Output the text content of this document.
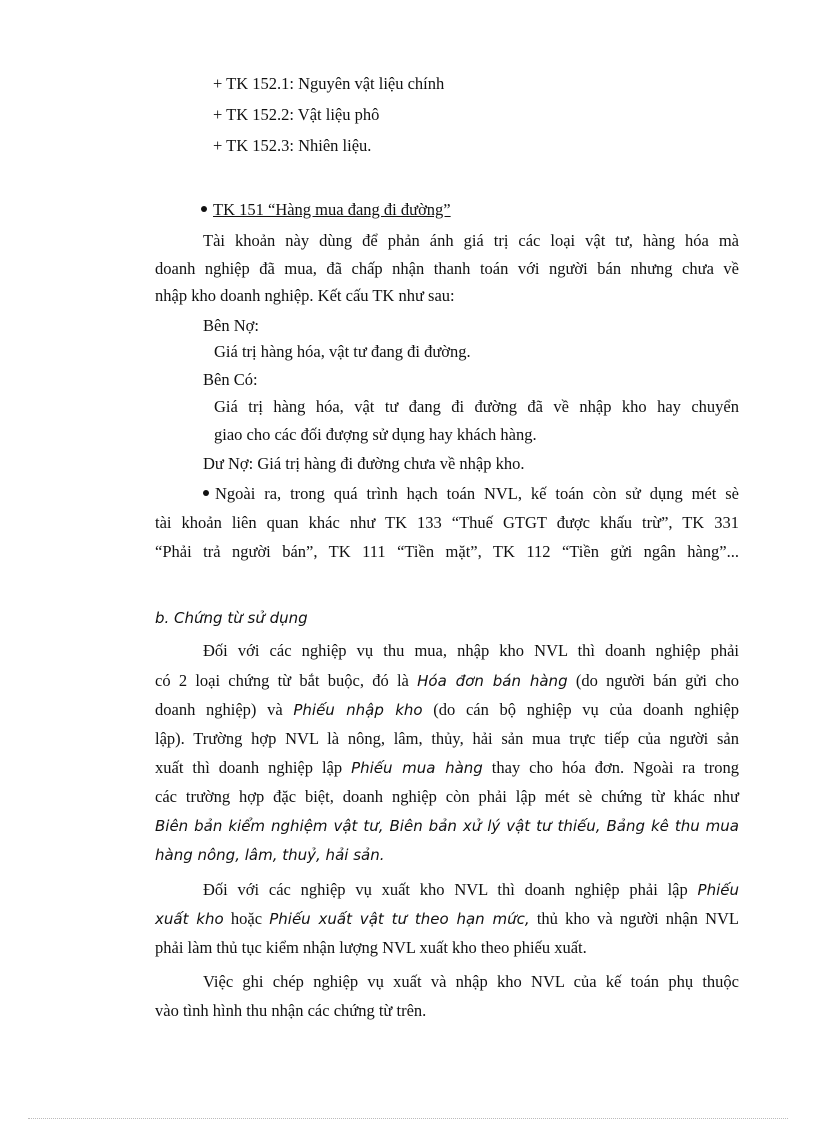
+ TK 152.1: Nguyên vật liệu chính
+ TK 152.2: Vật liệu phô
+ TK 152.3: Nhiên liệu.
TK 151 “Hàng mua đang đi đường”
Tài khoản này dùng để phản ánh giá trị các loại vật tư, hàng hóa mà
doanh nghiệp đã mua, đã chấp nhận thanh toán với người bán nhưng chưa về
nhập kho doanh nghiệp. Kết cấu TK như sau:
Bên Nợ:
Giá trị hàng hóa, vật tư đang đi đường.
Bên Có:
Giá trị hàng hóa, vật tư đang đi đường đã về nhập kho hay chuyển
giao cho các đối đượng sử dụng hay khách hàng.
Dư Nợ: Giá trị hàng đi đường chưa về nhập kho.
Ngoài ra, trong quá trình hạch toán NVL, kế toán còn sử dụng mét sè
tài khoản liên quan khác như TK 133 “Thuế GTGT được khấu trừ”, TK 331
“Phải trả người bán”, TK 111 “Tiền mặt”, TK 112 “Tiền gửi ngân hàng”...
b. Chứng từ sử dụng
Đối với các nghiệp vụ thu mua, nhập kho NVL thì doanh nghiệp phải
có 2 loại chứng từ bắt buộc, đó là Hóa đơn bán hàng (do người bán gửi cho
doanh nghiệp) và Phiếu nhập kho (do cán bộ nghiệp vụ của doanh nghiệp
lập). Trường hợp NVL là nông, lâm, thủy, hải sản mua trực tiếp của người sản
xuất thì doanh nghiệp lập Phiếu mua hàng thay cho hóa đơn. Ngoài ra trong
các trường hợp đặc biệt, doanh nghiệp còn phải lập mét sè chứng từ khác như
Biên bản kiểm nghiệm vật tư, Biên bản xử lý vật tư thiếu, Bảng kê thu mua
hàng nông, lâm, thuỷ, hải sản.
Đối với các nghiệp vụ xuất kho NVL thì doanh nghiệp phải lập Phiếu
xuất kho hoặc Phiếu xuất vật tư theo hạn mức, thủ kho và người nhận NVL
phải làm thủ tục kiểm nhận lượng NVL xuất kho theo phiếu xuất.
Việc ghi chép nghiệp vụ xuất và nhập kho NVL của kế toán phụ thuộc
vào tình hình thu nhận các chứng từ trên.
